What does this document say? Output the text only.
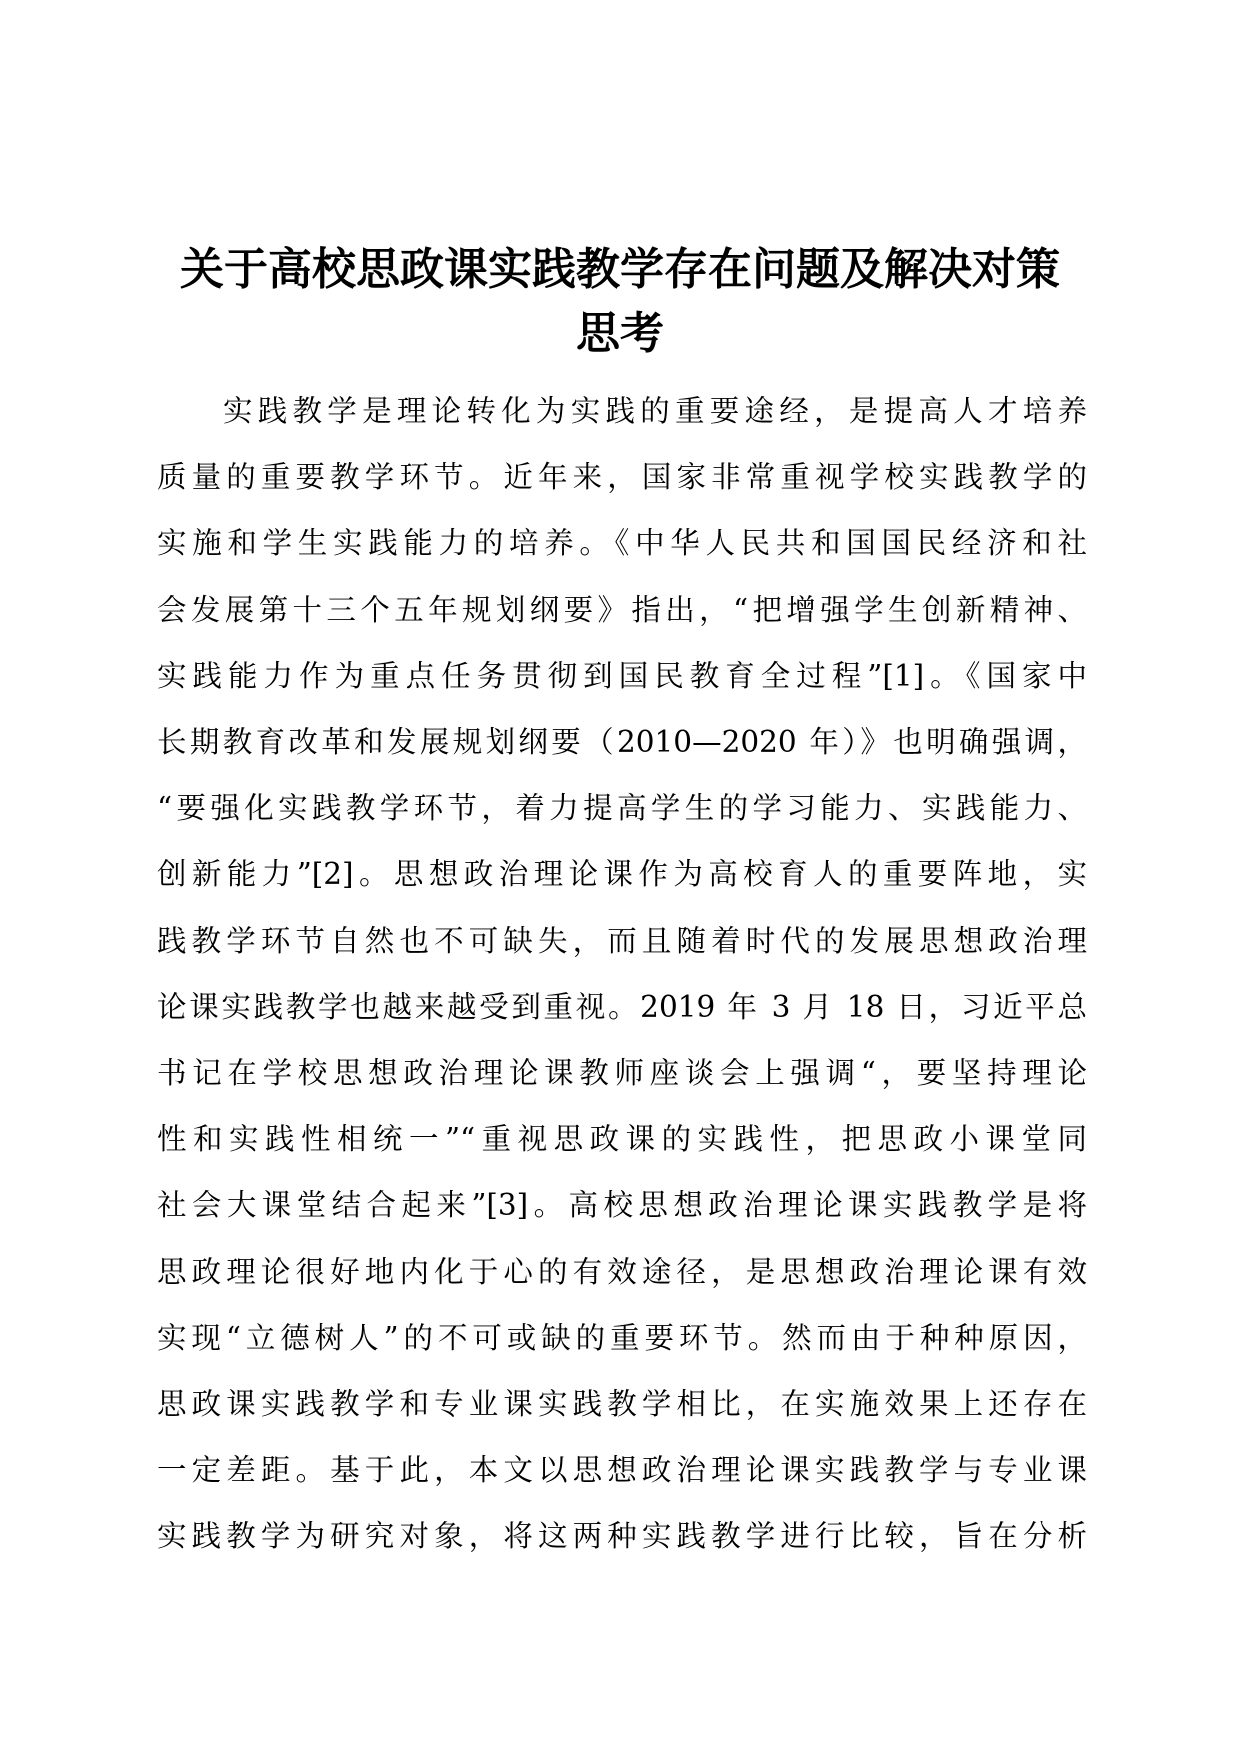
关于高校思政课实践教学存在问题及解决对策
思考
实践教学是理论转化为实践的重要途经，是提高人才培养
质量的重要教学环节。近年来，国家非常重视学校实践教学的
实施和学生实践能力的培养。《中华人民共和国国民经济和社
会发展第十三个五年规划纲要》指出，“把增强学生创新精神、
实践能力作为重点任务贯彻到国民教育全过程”[1]。《国家中
长期教育改革和发展规划纲要（2010—2020 年）》也明确强调，
“要强化实践教学环节，着力提高学生的学习能力、实践能力、
创新能力”[2]。思想政治理论课作为高校育人的重要阵地，实
践教学环节自然也不可缺失，而且随着时代的发展思想政治理
论课实践教学也越来越受到重视。2019 年 3 月 18 日，习近平总
书记在学校思想政治理论课教师座谈会上强调“，要坚持理论
性和实践性相统一”“重视思政课的实践性，把思政小课堂同
社会大课堂结合起来”[3]。高校思想政治理论课实践教学是将
思政理论很好地内化于心的有效途径，是思想政治理论课有效
实现“立德树人”的不可或缺的重要环节。然而由于种种原因，
思政课实践教学和专业课实践教学相比，在实施效果上还存在
一定差距。基于此，本文以思想政治理论课实践教学与专业课
实践教学为研究对象，将这两种实践教学进行比较，旨在分析
